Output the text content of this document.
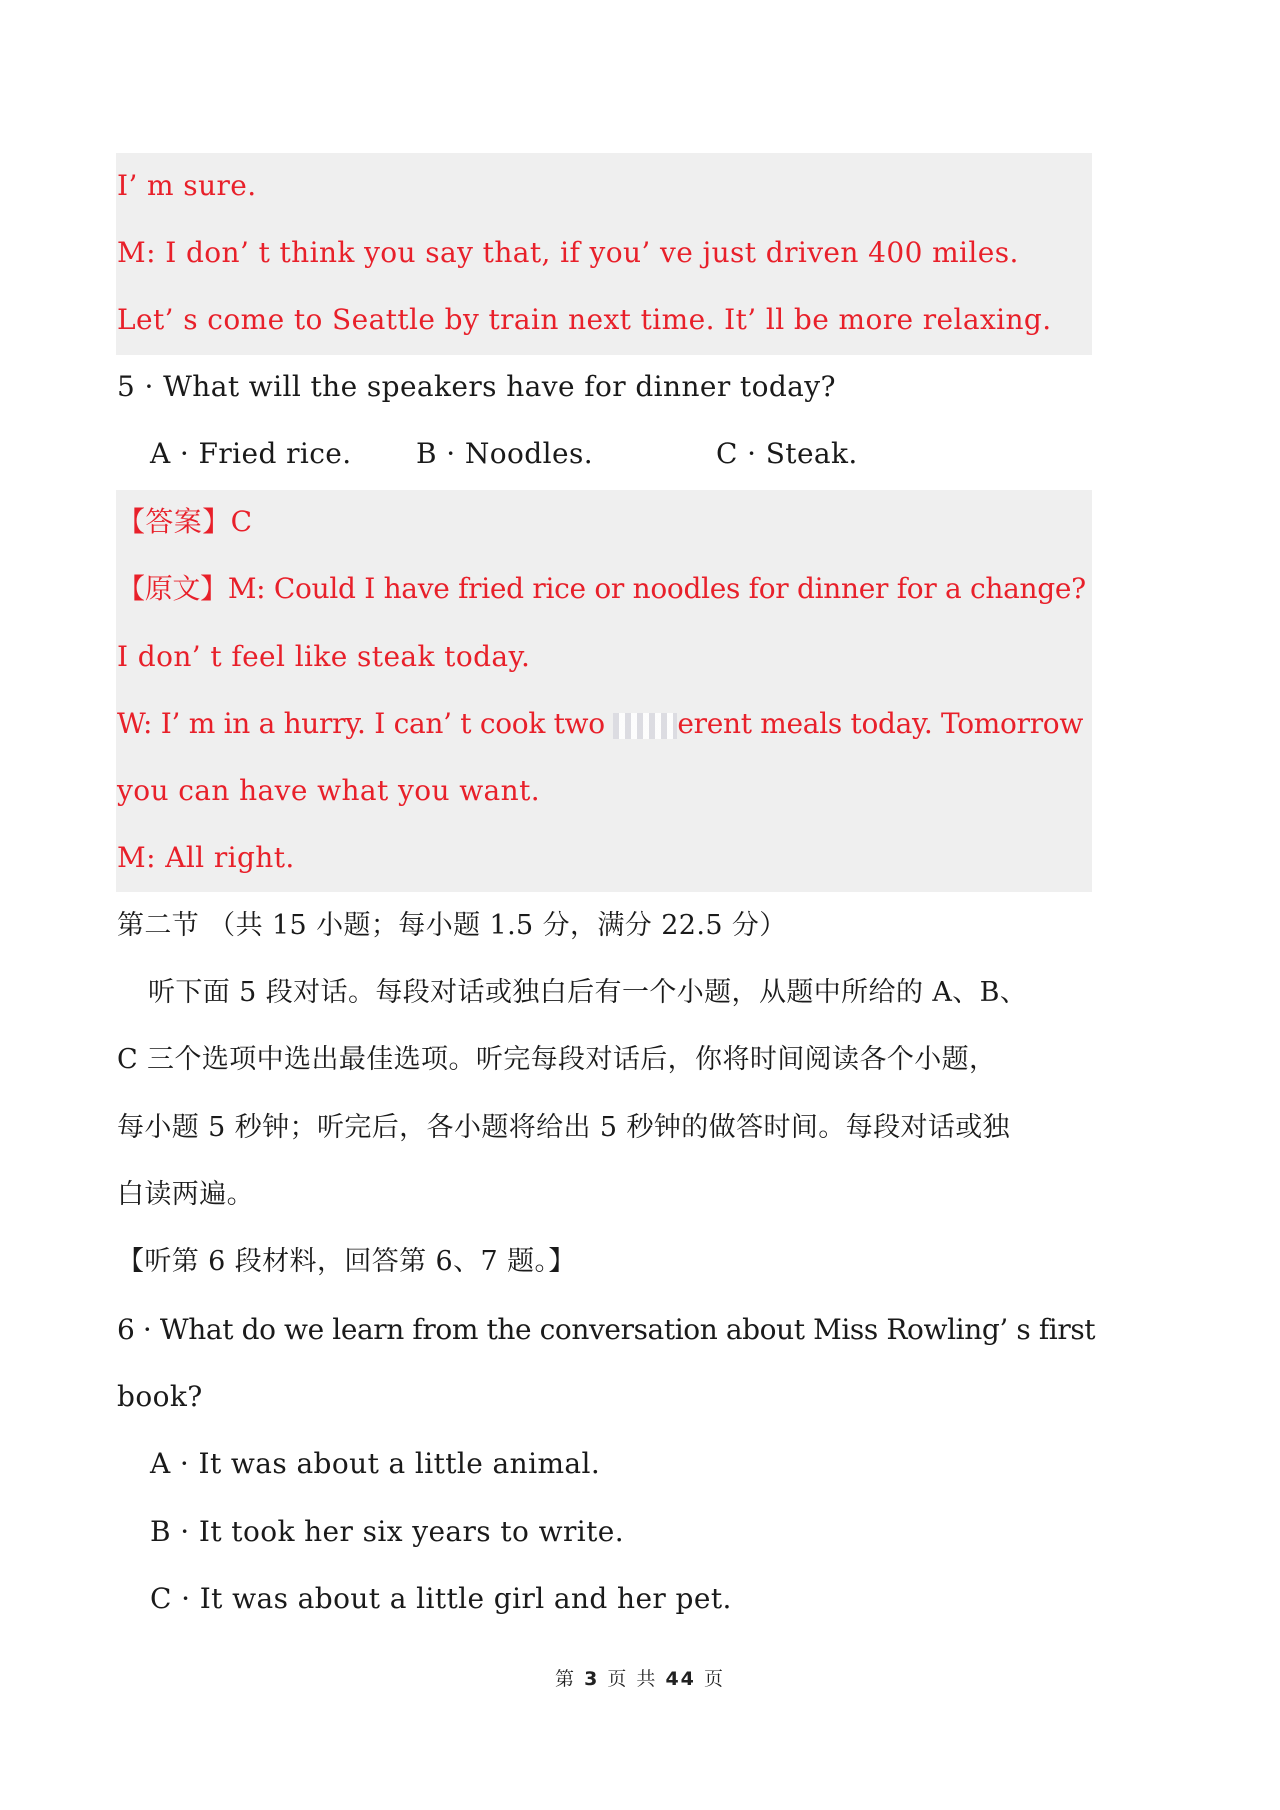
I’ m sure.
M: I don’ t think you say that, if you’ ve just driven 400 miles.
Let’ s come to Seattle by train next time. It’ ll be more relaxing.
5 · What will the speakers have for dinner today?
A · Fried rice. B · Noodles.	C · Steak.
【答案】C
【原文】M: Could I have fried rice or noodles for dinner for a change?
I don’ t feel like steak today.
W: I’ m in a hurry. I can’ t cook two erent meals today. Tomorrow
you can have what you want.
M: All right.
第二节 （共 15 小题；每小题 1.5 分，满分 22.5 分）
听下面 5 段对话。每段对话或独白后有一个小题，从题中所给的 A、B、
C 三个选项中选出最佳选项。听完每段对话后，你将时间阅读各个小题，
每小题 5 秒钟；听完后，各小题将给出 5 秒钟的做答时间。每段对话或独
白读两遍。
【听第 6 段材料，回答第 6、7 题。】
6 · What do we learn from the conversation about Miss Rowling’ s first
book?
A · It was about a little animal.
B · It took her six years to write.
C · It was about a little girl and her pet.
第 3 页 共 44 页
